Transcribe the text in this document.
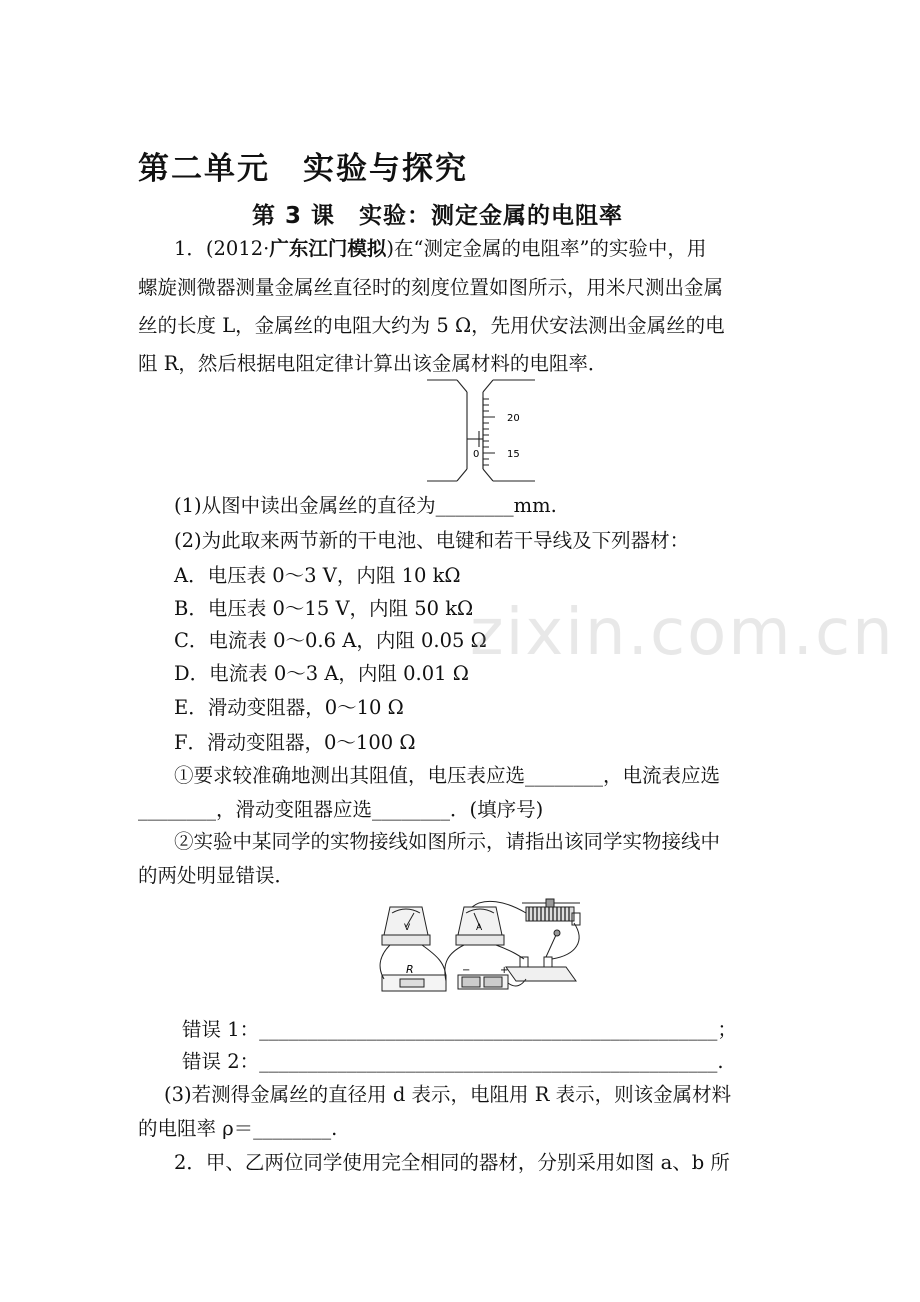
第二单元　实验与探究
第 3 课　实验：测定金属的电阻率
1．(2012·广东江门模拟)在“测定金属的电阻率”的实验中，用
螺旋测微器测量金属丝直径时的刻度位置如图所示，用米尺测出金属
丝的长度 L，金属丝的电阻大约为 5 Ω，先用伏安法测出金属丝的电
阻 R，然后根据电阻定律计算出该金属材料的电阻率．
20
0	15
(1)从图中读出金属丝的直径为________mm.
(2)为此取来两节新的干电池、电键和若干导线及下列器材：
A．电压表 0～3 V，内阻 10 kΩ
B．电压表 0～15 V，内阻 50 kΩ
C．电流表 0～0.6 A，内阻 0.05 Ω
D．电流表 0～3 A，内阻 0.01 Ω
E．滑动变阻器，0～10 Ω
F．滑动变阻器，0～100 Ω
①要求较准确地测出其阻值，电压表应选________，电流表应选
________，滑动变阻器应选________．(填序号)
②实验中某同学的实物接线如图所示，请指出该同学实物接线中
的两处明显错误．
V	A
R	−	+
错误 1：_______________________________________________；
错误 2：_______________________________________________.
(3)若测得金属丝的直径用 d 表示，电阻用 R 表示，则该金属材料
的电阻率 ρ＝________.
2．甲、乙两位同学使用完全相同的器材，分别采用如图 a、b 所
zixin.com.cn
